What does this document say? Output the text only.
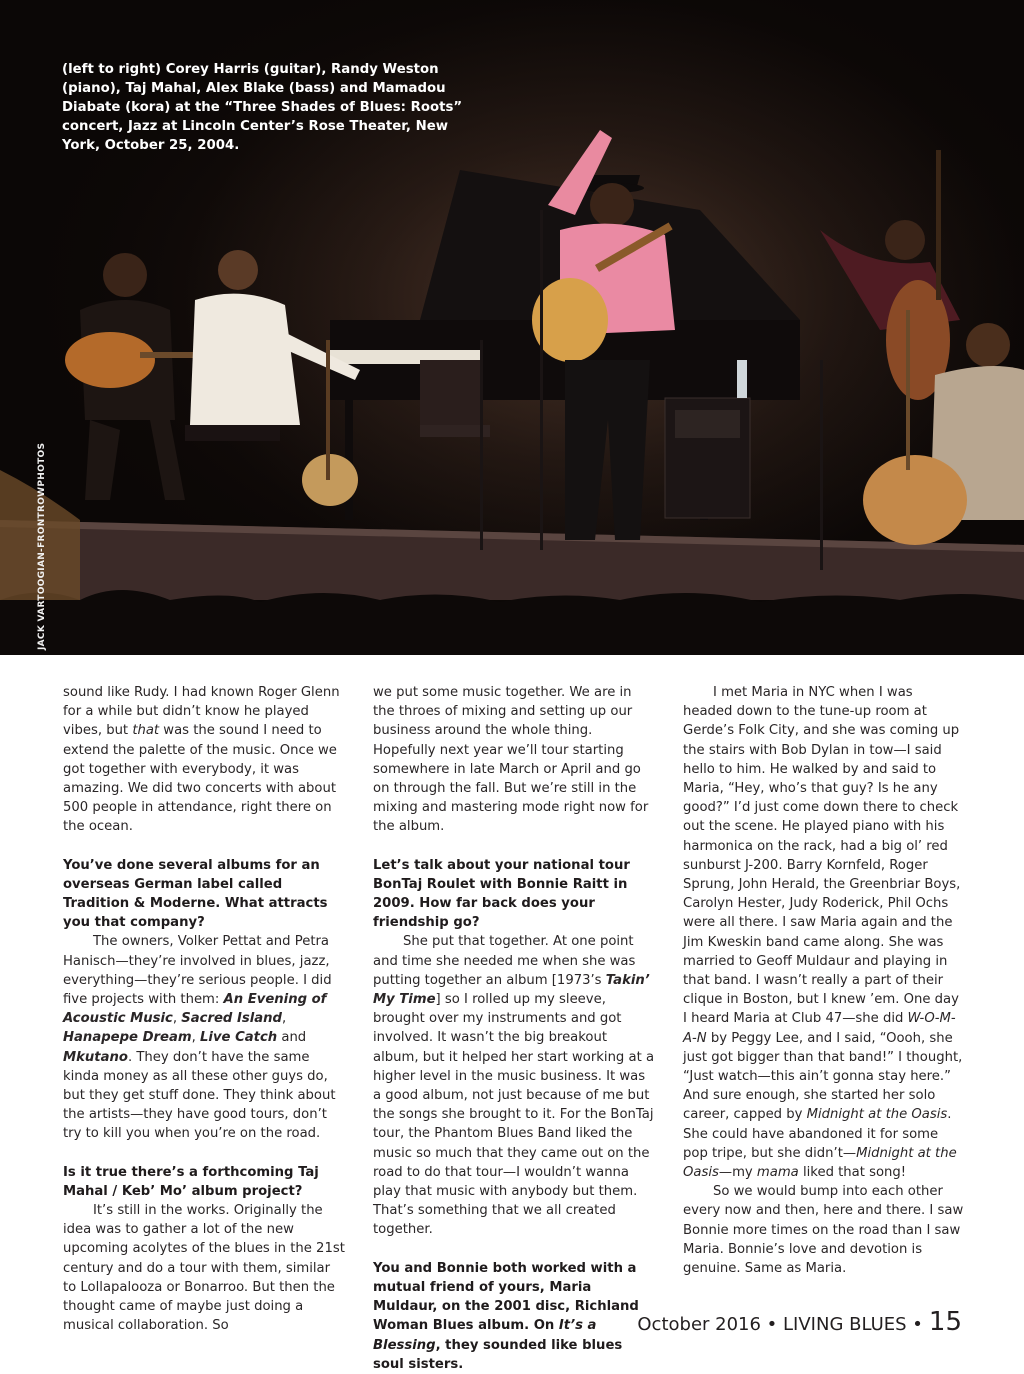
(left to right) Corey Harris (guitar), Randy Weston (piano), Taj Mahal, Alex Blake (bass) and Mamadou Diabate (kora) at the “Three Shades of Blues: Roots” concert, Jazz at Lincoln Center’s Rose Theater, New York, October 25, 2004.
JACK VARTOOGIAN-FRONTROWPHOTOS

sound like Rudy. I had known Roger Glenn for a while but didn’t know he played vibes, but that was the sound I need to extend the palette of the music. Once we got together with everybody, it was amazing. We did two concerts with about 500 people in attendance, right there on the ocean.

You’ve done several albums for an overseas German label called Tradition & Moderne. What attracts you that company?

The owners, Volker Pettat and Petra Hanisch—they’re involved in blues, jazz, everything—they’re serious people. I did five projects with them: An Evening of Acoustic Music, Sacred Island, Hanapepe Dream, Live Catch and Mkutano. They don’t have the same kinda money as all these other guys do, but they get stuff done. They think about the artists—they have good tours, don’t try to kill you when you’re on the road.

Is it true there’s a forthcoming Taj Mahal / Keb’ Mo’ album project?

It’s still in the works. Originally the idea was to gather a lot of the new upcoming acolytes of the blues in the 21st century and do a tour with them, similar to Lollapalooza or Bonarroo. But then the thought came of maybe just doing a musical collaboration. So

we put some music together. We are in the throes of mixing and setting up our business around the whole thing. Hopefully next year we’ll tour starting somewhere in late March or April and go on through the fall. But we’re still in the mixing and mastering mode right now for the album.

Let’s talk about your national tour BonTaj Roulet with Bonnie Raitt in 2009. How far back does your friendship go?

She put that together. At one point and time she needed me when she was putting together an album [1973’s Takin’ My Time] so I rolled up my sleeve, brought over my instruments and got involved. It wasn’t the big breakout album, but it helped her start working at a higher level in the music business. It was a good album, not just because of me but the songs she brought to it. For the BonTaj tour, the Phantom Blues Band liked the music so much that they came out on the road to do that tour—I wouldn’t wanna play that music with anybody but them. That’s something that we all created together.

You and Bonnie both worked with a mutual friend of yours, Maria Muldaur, on the 2001 disc, Richland Woman Blues album. On It’s a Blessing, they sounded like blues soul sisters.

I met Maria in NYC when I was headed down to the tune-up room at Gerde’s Folk City, and she was coming up the stairs with Bob Dylan in tow—I said hello to him. He walked by and said to Maria, “Hey, who’s that guy? Is he any good?” I’d just come down there to check out the scene. He played piano with his harmonica on the rack, had a big ol’ red sunburst J-200. Barry Kornfeld, Roger Sprung, John Herald, the Greenbriar Boys, Carolyn Hester, Judy Roderick, Phil Ochs were all there. I saw Maria again and the Jim Kweskin band came along. She was married to Geoff Muldaur and playing in that band. I wasn’t really a part of their clique in Boston, but I knew ’em. One day I heard Maria at Club 47—she did W-O-M-A-N by Peggy Lee, and I said, “Oooh, she just got bigger than that band!” I thought, “Just watch—this ain’t gonna stay here.” And sure enough, she started her solo career, capped by Midnight at the Oasis. She could have abandoned it for some pop tripe, but she didn’t—Midnight at the Oasis—my mama liked that song!

So we would bump into each other every now and then, here and there. I saw Bonnie more times on the road than I saw Maria. Bonnie’s love and devotion is genuine. Same as Maria.

October 2016 • LIVING BLUES • 15
